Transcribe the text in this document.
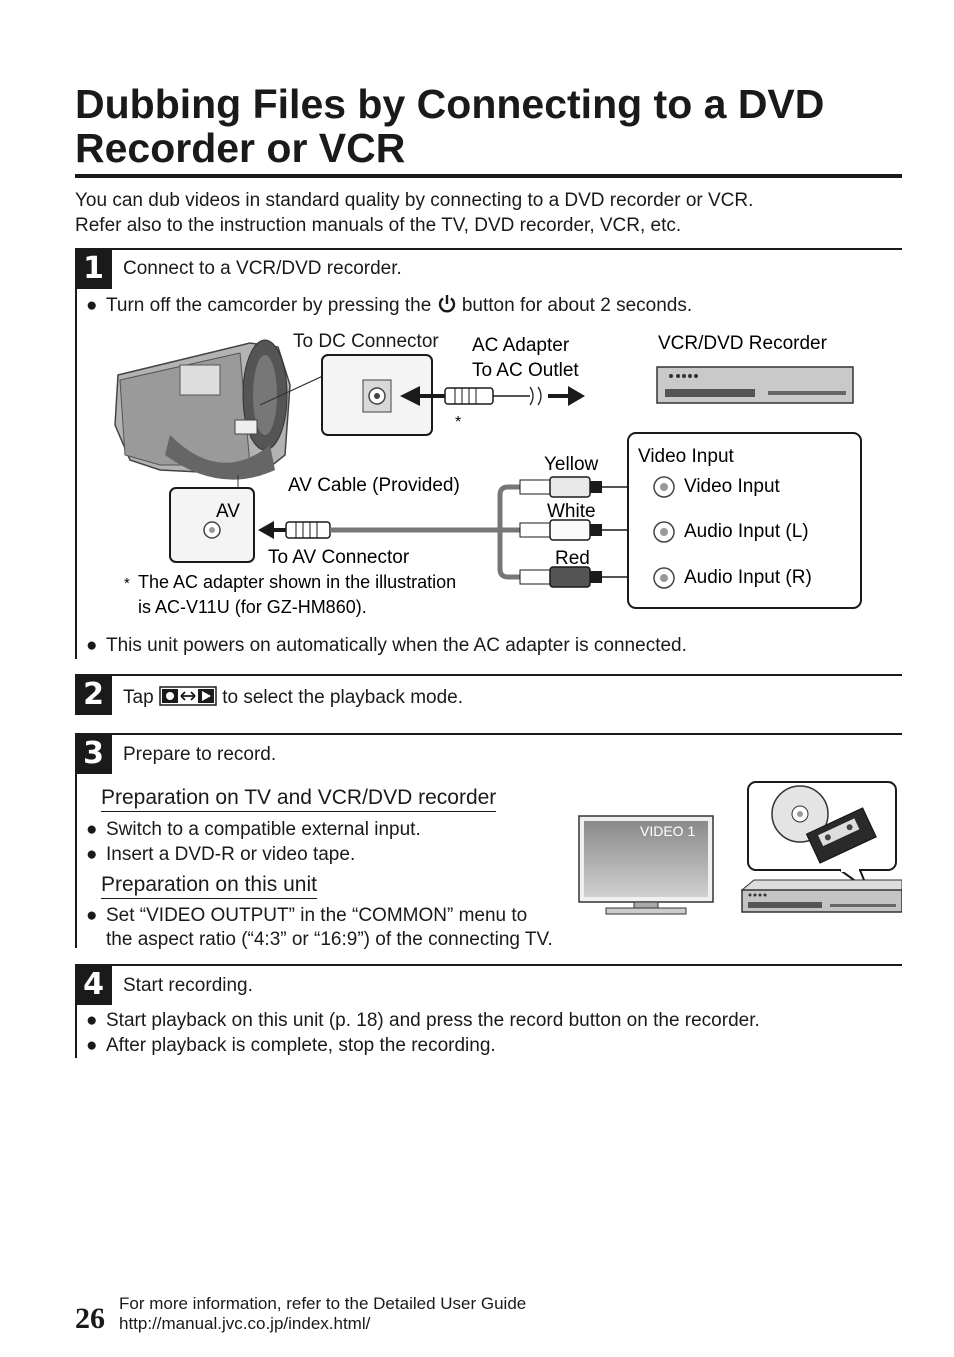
Dubbing Files by Connecting to a DVD
Recorder or VCR
You can dub videos in standard quality by connecting to a DVD recorder or VCR.
Refer also to the instruction manuals of the TV, DVD recorder, VCR, etc.
1	Connect to a VCR/DVD recorder.
● Turn off the camcorder by pressing the button for about 2 seconds.
To DC Connector
*
AC Adapter
To AC Outlet
VCR/DVD Recorder
AV
AV Cable (Provided)
To AV Connector
Yellow
White
Red
Video Input
Video Input
Audio Input (L)
Audio Input (R)
* The AC adapter shown in the illustration
is AC-V11U (for GZ-HM860).
● This unit powers on automatically when the AC adapter is connected.
2	Tap	to select the playback mode.
3	Prepare to record.
Preparation on TV and VCR/DVD recorder
● Switch to a compatible external input.
● Insert a DVD-R or video tape.
Preparation on this unit
● Set “VIDEO OUTPUT” in the “COMMON” menu to
the aspect ratio (“4:3” or “16:9”) of the connecting TV.
VIDEO 1
4	Start recording.
● Start playback on this unit (p. 18) and press the record button on the recorder.
● After playback is complete, stop the recording.
26 For more information, refer to the Detailed User Guide
http://manual.jvc.co.jp/index.html/
